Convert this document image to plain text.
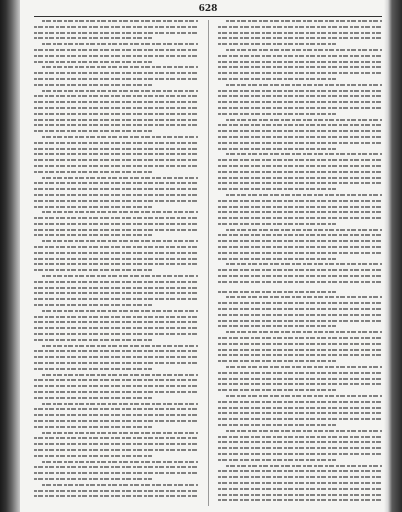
628
